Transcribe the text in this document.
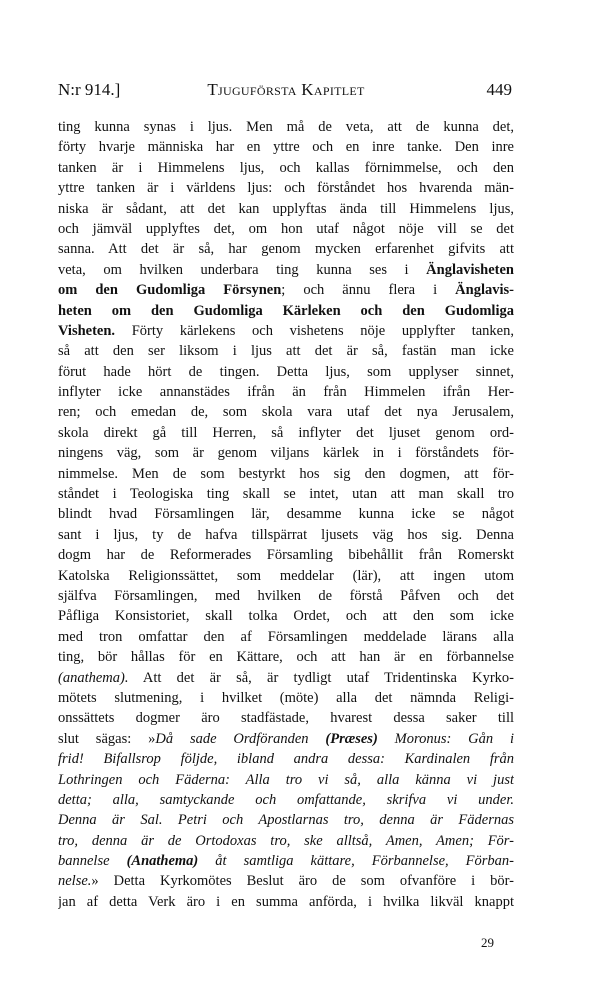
N:r 914.]	Tjuguförsta Kapitlet	449
ting kunna synas i ljus. Men må de veta, att de kunna det,
förty hvarje människa har en yttre och en inre tanke. Den inre
tanken är i Himmelens ljus, och kallas förnimmelse, och den
yttre tanken är i världens ljus: och förståndet hos hvarenda män-
niska är sådant, att det kan upplyftas ända till Himmelens ljus,
och jämväl upplyftes det, om hon utaf något nöje vill se det
sanna. Att det är så, har genom mycken erfarenhet gifvits att
veta, om hvilken underbara ting kunna ses i Änglavisheten
om den Gudomliga Försynen; och ännu flera i Änglavis-
heten om den Gudomliga Kärleken och den Gudomliga
Visheten. Förty kärlekens och vishetens nöje upplyfter tanken,
så att den ser liksom i ljus att det är så, fastän man icke
förut hade hört de tingen. Detta ljus, som upplyser sinnet,
inflyter icke annanstädes ifrån än från Himmelen ifrån Her-
ren; och emedan de, som skola vara utaf det nya Jerusalem,
skola direkt gå till Herren, så inflyter det ljuset genom ord-
ningens väg, som är genom viljans kärlek in i förståndets för-
nimmelse. Men de som bestyrkt hos sig den dogmen, att för-
ståndet i Teologiska ting skall se intet, utan att man skall tro
blindt hvad Församlingen lär, desamme kunna icke se något
sant i ljus, ty de hafva tillspärrat ljusets väg hos sig. Denna
dogm har de Reformerades Församling bibehållit från Romerskt
Katolska Religionssättet, som meddelar (lär), att ingen utom
själfva Församlingen, med hvilken de förstå Påfven och det
Påfliga Konsistoriet, skall tolka Ordet, och att den som icke
med tron omfattar den af Församlingen meddelade lärans alla
ting, bör hållas för en Kättare, och att han är en förbannelse
(anathema). Att det är så, är tydligt utaf Tridentinska Kyrko-
mötets slutmening, i hvilket (möte) alla det nämnda Religi-
onssättets dogmer äro stadfästade, hvarest dessa saker till
slut sägas: »Då sade Ordföranden (Præses) Moronus: Gån i
frid! Bifallsrop följde, ibland andra dessa: Kardinalen från
Lothringen och Fäderna: Alla tro vi så, alla känna vi just
detta; alla, samtyckande och omfattande, skrifva vi under.
Denna är Sal. Petri och Apostlarnas tro, denna är Fädernas
tro, denna är de Ortodoxas tro, ske alltså, Amen, Amen; För-
bannelse (Anathema) åt samtliga kättare, Förbannelse, Förban-
nelse.» Detta Kyrkomötes Beslut äro de som ofvanföre i bör-
jan af detta Verk äro i en summa anförda, i hvilka likväl knappt
29
